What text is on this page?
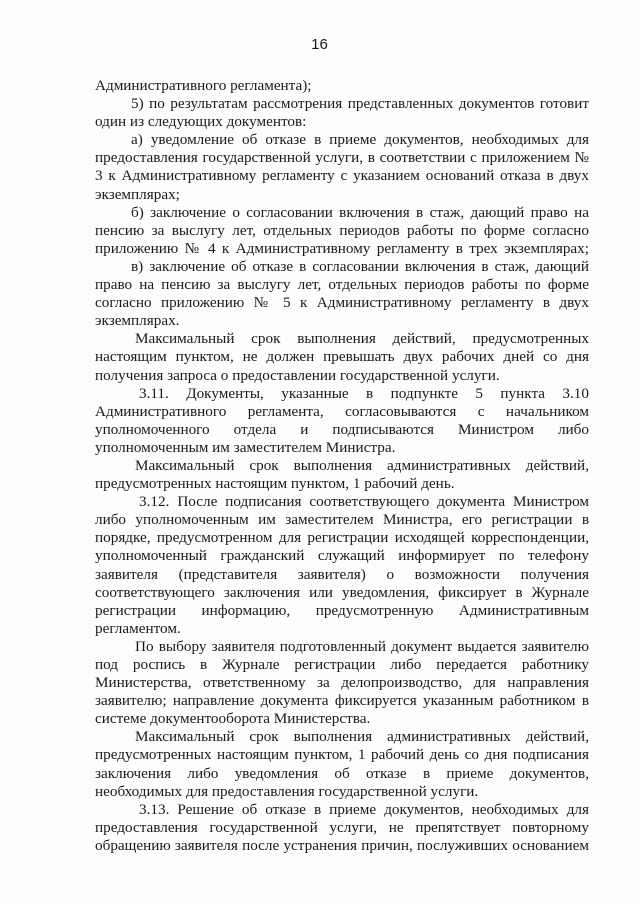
16
Административного регламента);
5) по результатам рассмотрения представленных документов готовит
один из следующих документов:
а) уведомление об отказе в приеме документов, необходимых для
предоставления государственной услуги, в соответствии с приложением №
3 к Административному регламенту с указанием оснований отказа в двух
экземплярах;
б) заключение о согласовании включения в стаж, дающий право на
пенсию за выслугу лет, отдельных периодов работы по форме согласно
приложению № 4 к Административному регламенту в трех экземплярах;
в) заключение об отказе в согласовании включения в стаж, дающий
право на пенсию за выслугу лет, отдельных периодов работы по форме
согласно приложению № 5 к Административному регламенту в двух
экземплярах.
Максимальный срок выполнения действий, предусмотренных
настоящим пунктом, не должен превышать двух рабочих дней со дня
получения запроса о предоставлении государственной услуги.
3.11. Документы, указанные в подпункте 5 пункта 3.10
Административного регламента, согласовываются с начальником
уполномоченного отдела и подписываются Министром либо
уполномоченным им заместителем Министра.
Максимальный срок выполнения административных действий,
предусмотренных настоящим пунктом, 1 рабочий день.
3.12. После подписания соответствующего документа Министром
либо уполномоченным им заместителем Министра, его регистрации в
порядке, предусмотренном для регистрации исходящей корреспонденции,
уполномоченный гражданский служащий информирует по телефону
заявителя (представителя заявителя) о возможности получения
соответствующего заключения или уведомления, фиксирует в Журнале
регистрации информацию, предусмотренную Административным
регламентом.
По выбору заявителя подготовленный документ выдается заявителю
под роспись в Журнале регистрации либо передается работнику
Министерства, ответственному за делопроизводство, для направления
заявителю; направление документа фиксируется указанным работником в
системе документооборота Министерства.
Максимальный срок выполнения административных действий,
предусмотренных настоящим пунктом, 1 рабочий день со дня подписания
заключения либо уведомления об отказе в приеме документов,
необходимых для предоставления государственной услуги.
3.13. Решение об отказе в приеме документов, необходимых для
предоставления государственной услуги, не препятствует повторному
обращению заявителя после устранения причин, послуживших основанием
